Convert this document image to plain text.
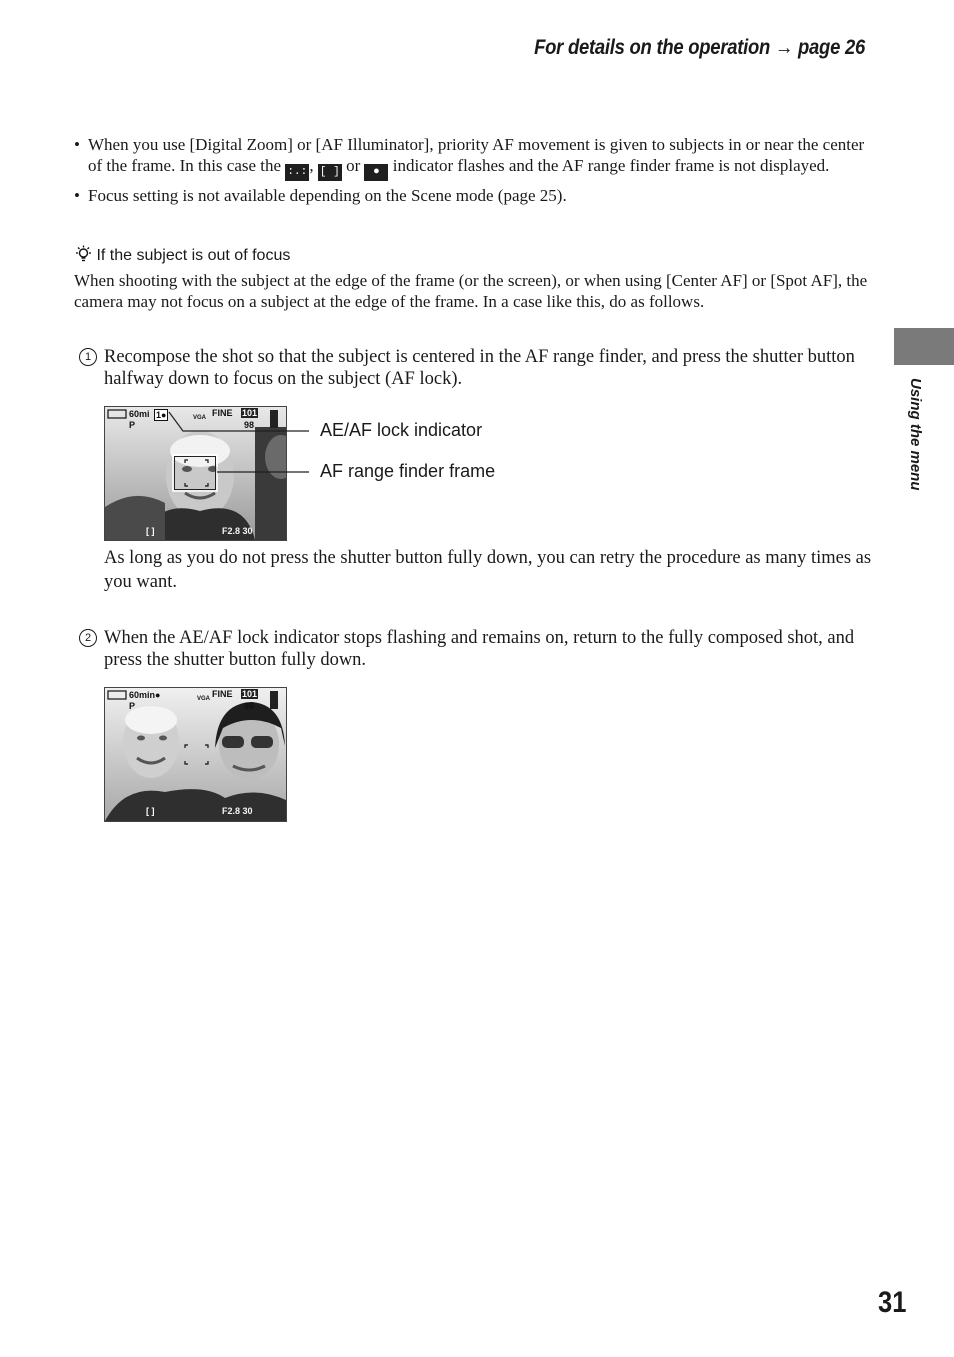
For details on the operation → page 26
Using the menu
• When you use [Digital Zoom] or [AF Illuminator], priority AF movement is given to subjects in or near the center of the frame. In this case the :.: , [ ] or ● indicator flashes and the AF range finder frame is not displayed.
• Focus setting is not available depending on the Scene mode (page 25).
If the subject is out of focus
When shooting with the subject at the edge of the frame (or the screen), or when using [Center AF] or [Spot AF], the camera may not focus on a subject at the edge of the frame. In a case like this, do as follows.
1 Recompose the shot so that the subject is centered in the AF range finder, and press the shutter button halfway down to focus on the subject (AF lock).
60mi 1●	VGA FINE 101
P	98
[ ]	F2.8 30
AE/AF lock indicator
AF range finder frame
As long as you do not press the shutter button fully down, you can retry the procedure as many times as you want.
2 When the AE/AF lock indicator stops flashing and remains on, return to the fully composed shot, and press the shutter button fully down.
60min●	VGA FINE 101
P	98
[ ]	F2.8 30
31
